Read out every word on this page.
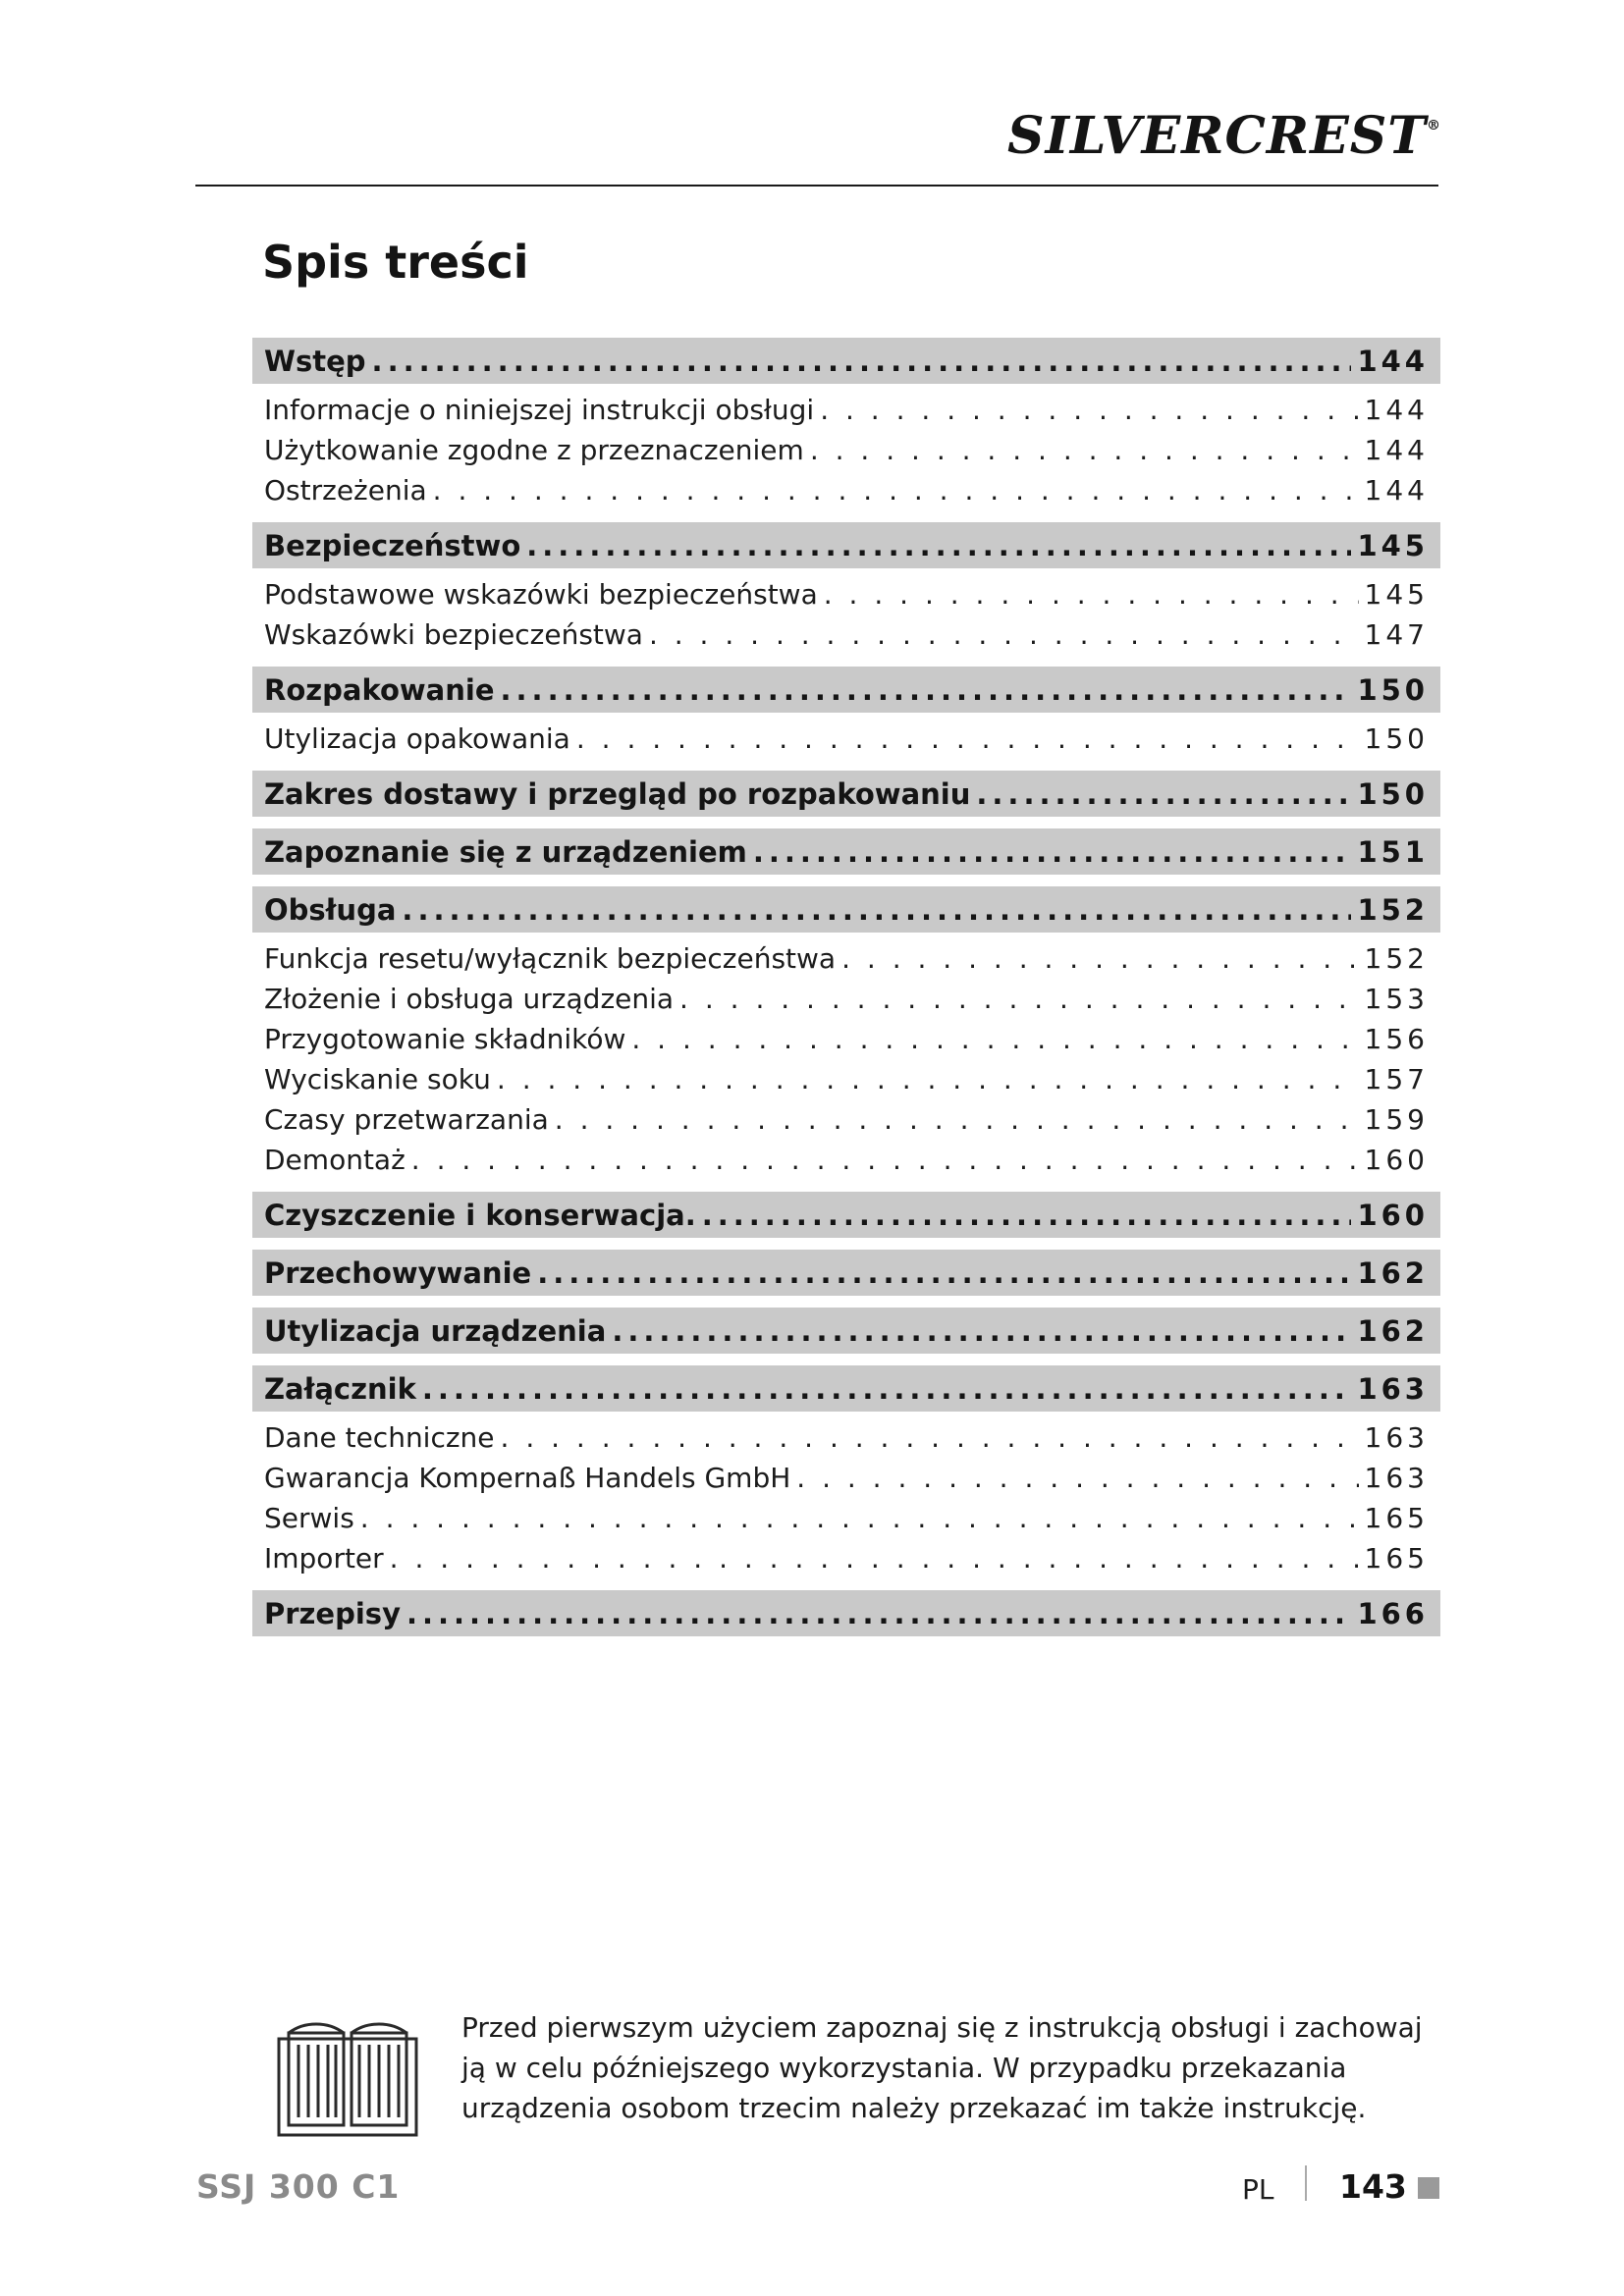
SILVERCREST®
Spis treści
Wstęp .....	144
Informacje o niniejszej instrukcji obsługi . . .	144
Użytkowanie zgodne z przeznaczeniem . . .	144
Ostrzeżenia . . .	144
Bezpieczeństwo .....	145
Podstawowe wskazówki bezpieczeństwa . . .	145
Wskazówki bezpieczeństwa . . .	147
Rozpakowanie .....	150
Utylizacja opakowania . . .	150
Zakres dostawy i przegląd po rozpakowaniu .....	150
Zapoznanie się z urządzeniem .....	151
Obsługa .....	152
Funkcja resetu/wyłącznik bezpieczeństwa . . .	152
Złożenie i obsługa urządzenia . . .	153
Przygotowanie składników . . .	156
Wyciskanie soku . . .	157
Czasy przetwarzania . . .	159
Demontaż . . .	160
Czyszczenie i konserwacja. .....	160
Przechowywanie .....	162
Utylizacja urządzenia .....	162
Załącznik .....	163
Dane techniczne . . .	163
Gwarancja Kompernaß Handels GmbH . . .	163
Serwis . . .	165
Importer . . .	165
Przepisy .....	166

Przed pierwszym użyciem zapoznaj się z instrukcją obsługi i zachowaj ją w celu późniejszego wykorzystania. W przypadku przekazania urządzenia osobom trzecim należy przekazać im także instrukcję.

SSJ 300 C1	PL 143
